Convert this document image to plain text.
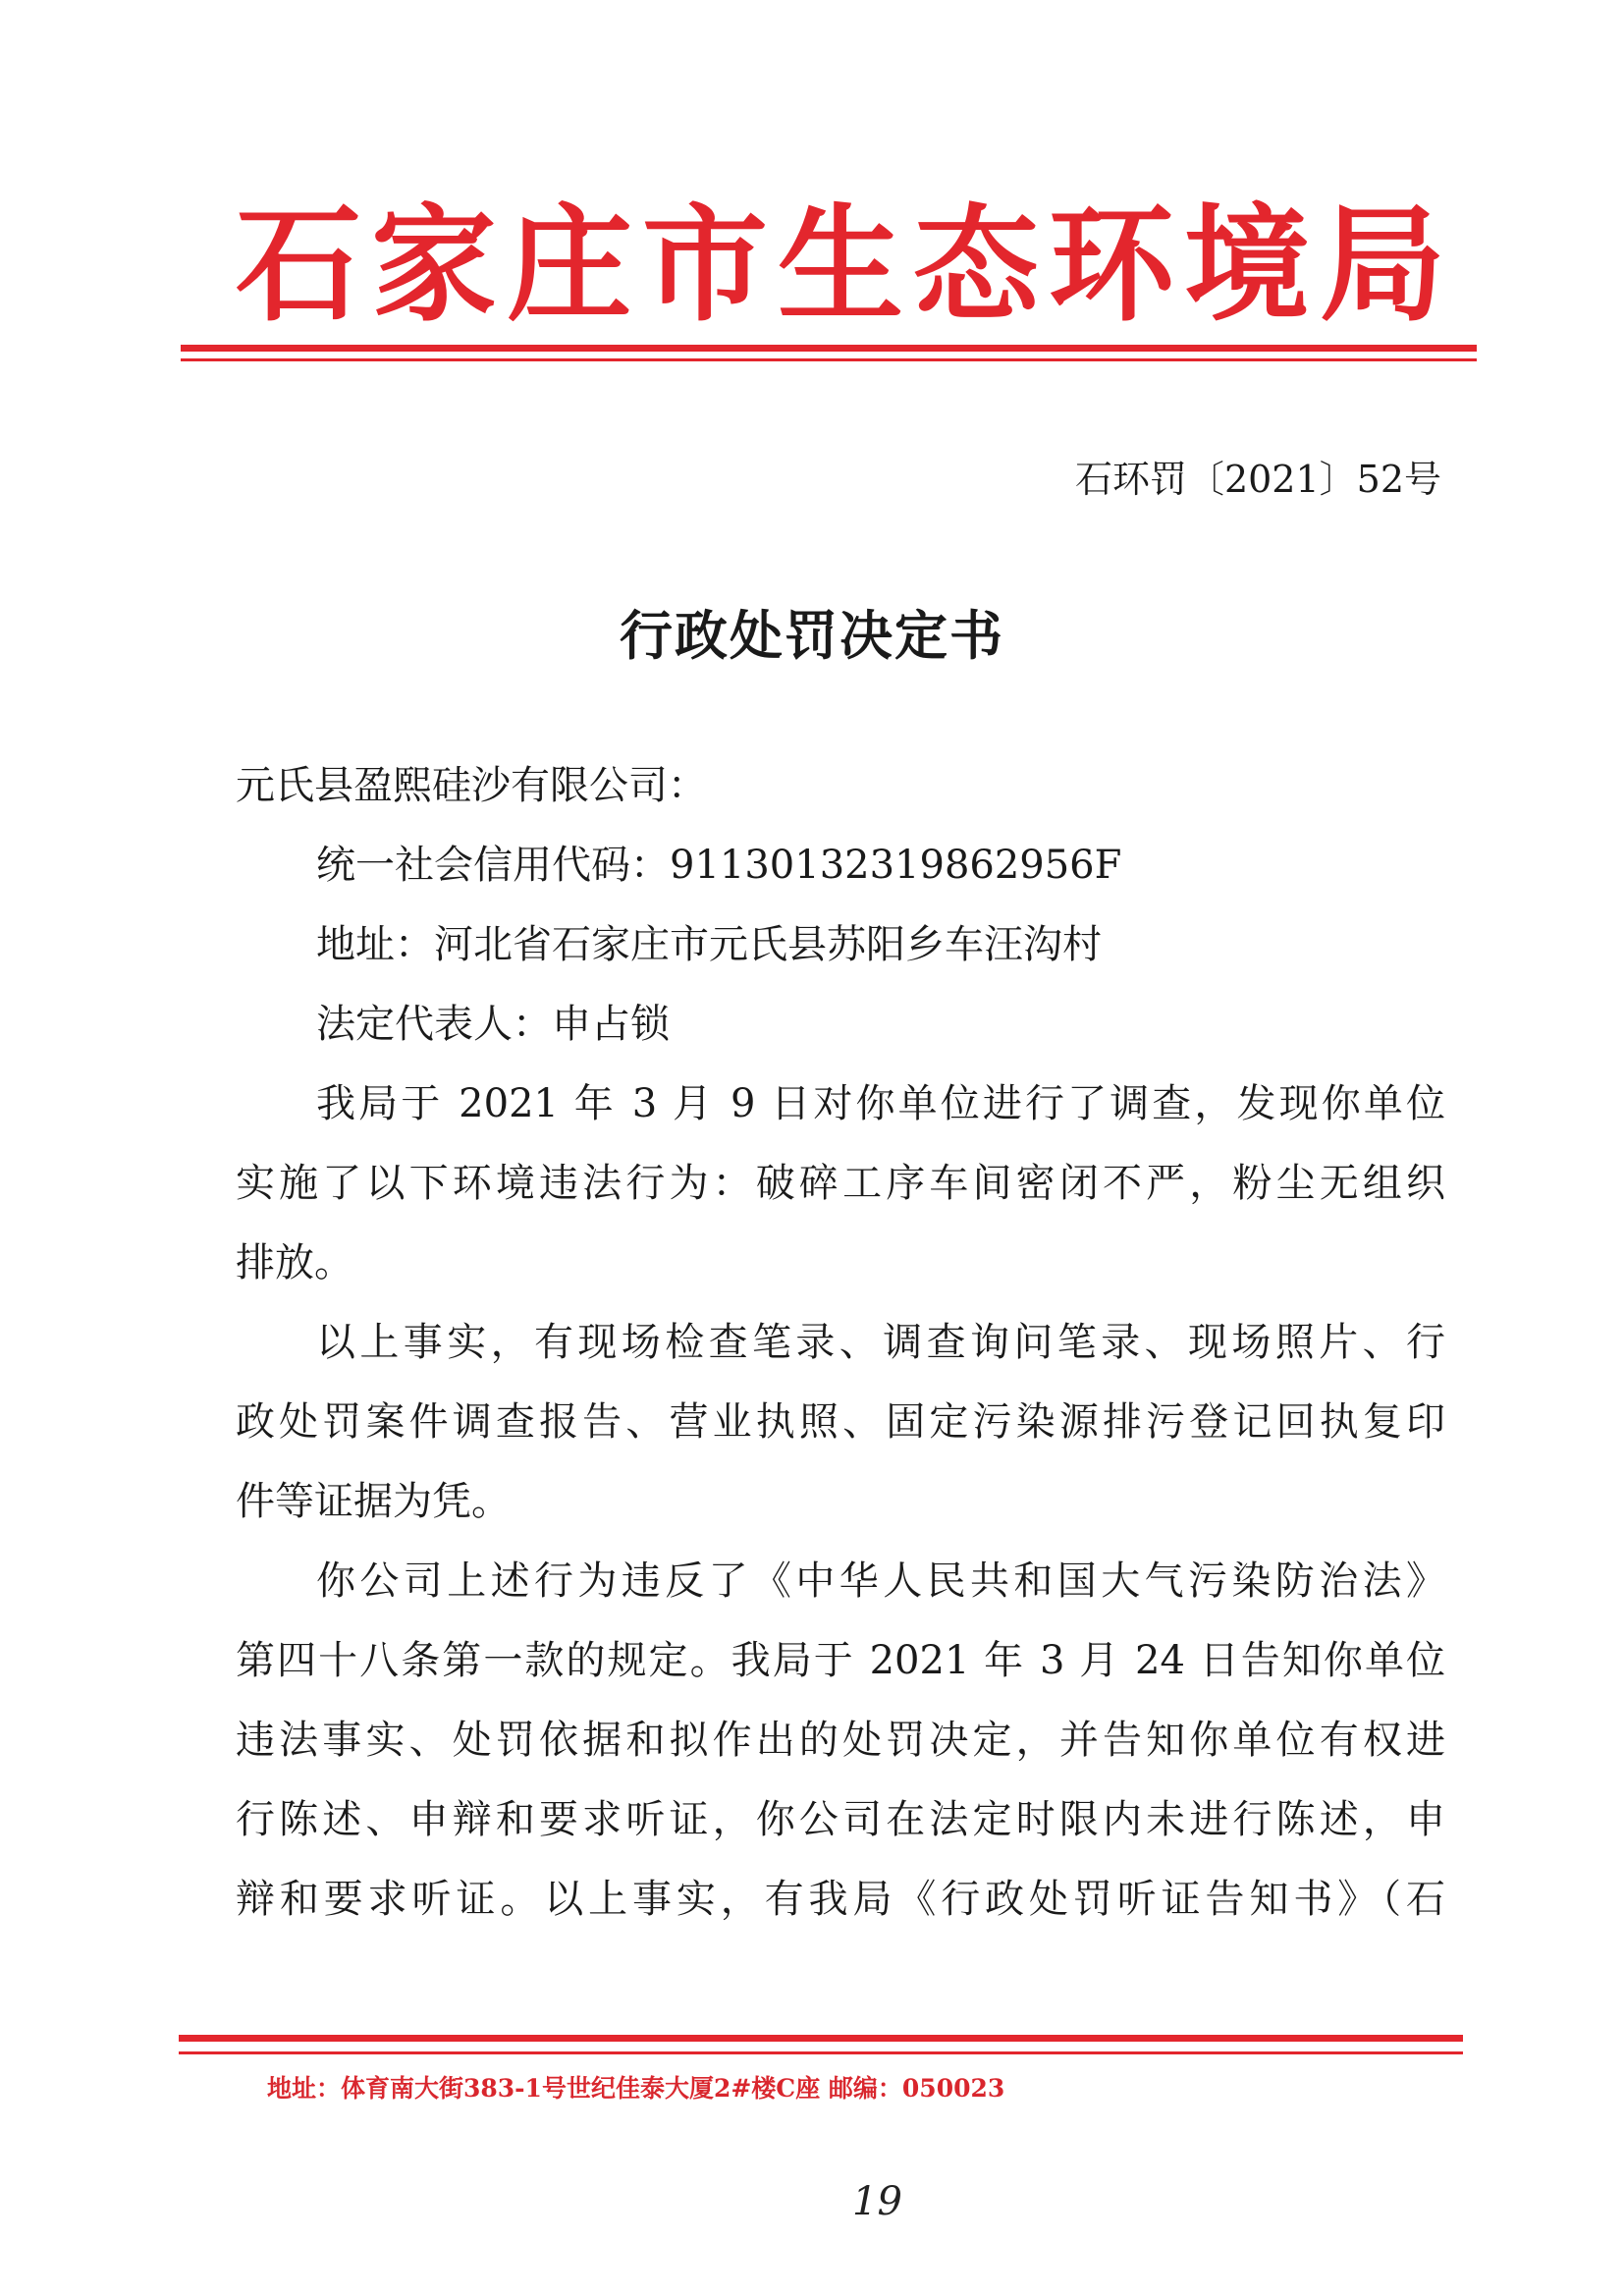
石家庄市生态环境局
石环罚〔2021〕52号
行政处罚决定书
元氏县盈熙硅沙有限公司：
统一社会信用代码：91130132319862956F
地址：河北省石家庄市元氏县苏阳乡车汪沟村
法定代表人：申占锁
我局于 2021 年 3 月 9 日对你单位进行了调查，发现你单位
实施了以下环境违法行为：破碎工序车间密闭不严，粉尘无组织
排放。
以上事实，有现场检查笔录、调查询问笔录、现场照片、行
政处罚案件调查报告、营业执照、固定污染源排污登记回执复印
件等证据为凭。
你公司上述行为违反了《中华人民共和国大气污染防治法》
第四十八条第一款的规定。我局于 2021 年 3 月 24 日告知你单位
违法事实、处罚依据和拟作出的处罚决定，并告知你单位有权进
行陈述、申辩和要求听证，你公司在法定时限内未进行陈述，申
辩和要求听证。以上事实，有我局《行政处罚听证告知书》（石
地址：体育南大街383-1号世纪佳泰大厦2#楼C座 邮编：050023
19
